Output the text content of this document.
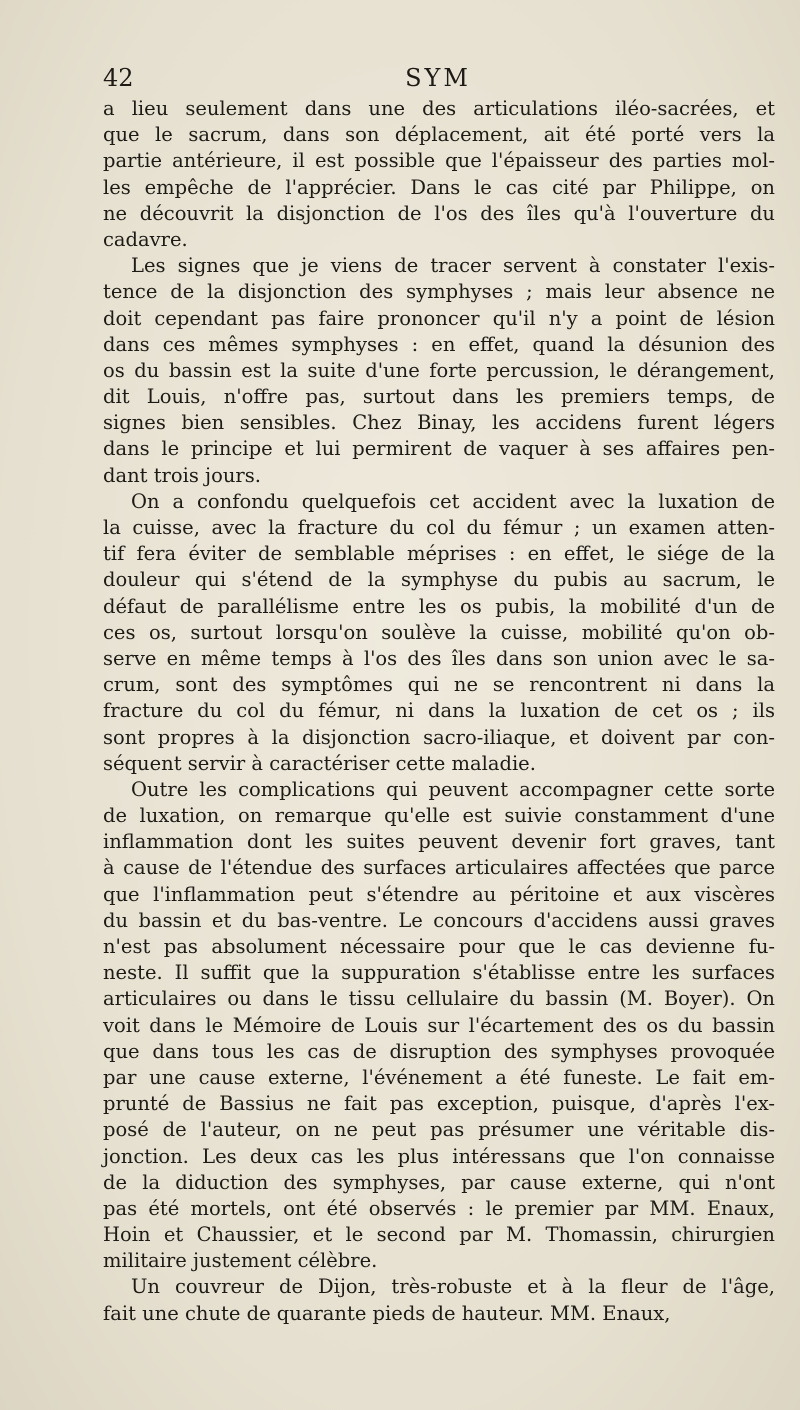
42	SYM
a lieu seulement dans une des articulations iléo-sacrées, et
que le sacrum, dans son déplacement, ait été porté vers la
partie antérieure, il est possible que l'épaisseur des parties mol-
les empêche de l'apprécier. Dans le cas cité par Philippe, on
ne découvrit la disjonction de l'os des îles qu'à l'ouverture du
cadavre.
Les signes que je viens de tracer servent à constater l'exis-
tence de la disjonction des symphyses ; mais leur absence ne
doit cependant pas faire prononcer qu'il n'y a point de lésion
dans ces mêmes symphyses : en effet, quand la désunion des
os du bassin est la suite d'une forte percussion, le dérangement,
dit Louis, n'offre pas, surtout dans les premiers temps, de
signes bien sensibles. Chez Binay, les accidens furent légers
dans le principe et lui permirent de vaquer à ses affaires pen-
dant trois jours.
On a confondu quelquefois cet accident avec la luxation de
la cuisse, avec la fracture du col du fémur ; un examen atten-
tif fera éviter de semblable méprises : en effet, le siége de la
douleur qui s'étend de la symphyse du pubis au sacrum, le
défaut de parallélisme entre les os pubis, la mobilité d'un de
ces os, surtout lorsqu'on soulève la cuisse, mobilité qu'on ob-
serve en même temps à l'os des îles dans son union avec le sa-
crum, sont des symptômes qui ne se rencontrent ni dans la
fracture du col du fémur, ni dans la luxation de cet os ; ils
sont propres à la disjonction sacro-iliaque, et doivent par con-
séquent servir à caractériser cette maladie.
Outre les complications qui peuvent accompagner cette sorte
de luxation, on remarque qu'elle est suivie constamment d'une
inflammation dont les suites peuvent devenir fort graves, tant
à cause de l'étendue des surfaces articulaires affectées que parce
que l'inflammation peut s'étendre au péritoine et aux viscères
du bassin et du bas-ventre. Le concours d'accidens aussi graves
n'est pas absolument nécessaire pour que le cas devienne fu-
neste. Il suffit que la suppuration s'établisse entre les surfaces
articulaires ou dans le tissu cellulaire du bassin (M. Boyer). On
voit dans le Mémoire de Louis sur l'écartement des os du bassin
que dans tous les cas de disruption des symphyses provoquée
par une cause externe, l'événement a été funeste. Le fait em-
prunté de Bassius ne fait pas exception, puisque, d'après l'ex-
posé de l'auteur, on ne peut pas présumer une véritable dis-
jonction. Les deux cas les plus intéressans que l'on connaisse
de la diduction des symphyses, par cause externe, qui n'ont
pas été mortels, ont été observés : le premier par MM. Enaux,
Hoin et Chaussier, et le second par M. Thomassin, chirurgien
militaire justement célèbre.
Un couvreur de Dijon, très-robuste et à la fleur de l'âge,
fait une chute de quarante pieds de hauteur. MM. Enaux,
